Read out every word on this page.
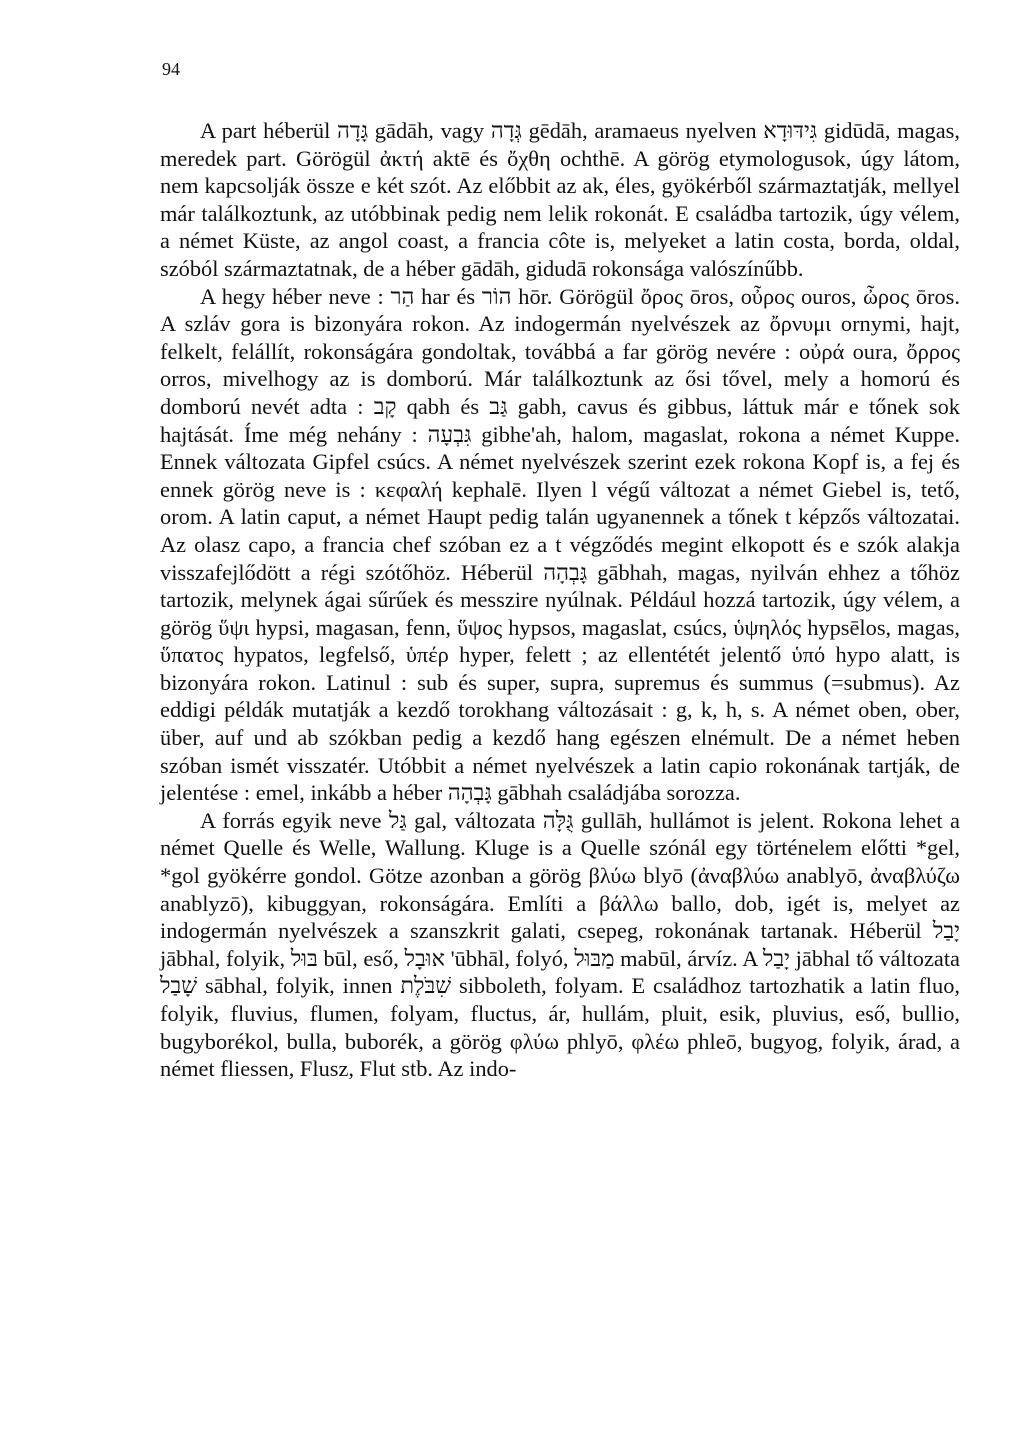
94

A part héberül גָּדָה gādāh, vagy גְּדָה gēdāh, aramaeus nyelven גִּידּוּדָא gidūdā, magas, meredek part. Görögül ἀκτή aktē és ὄχθη ochthē. A görög etymologusok, úgy látom, nem kapcsolják össze e két szót. Az előbbit az ak, éles, gyökérből származtatják, mellyel már találkoztunk, az utóbbinak pedig nem lelik rokonát. E családba tartozik, úgy vélem, a német Küste, az angol coast, a francia côte is, melyeket a latin costa, borda, oldal, szóból származtatnak, de a héber gādāh, gidudā rokonsága valószínűbb.

A hegy héber neve : הַר har és הוֹר hōr. Görögül ὄρος ōros, οὖρος ouros, ὦρος ōros. A szláv gora is bizonyára rokon. Az indogermán nyelvészek az ὄρνυμι ornymi, hajt, felkelt, felállít, rokonságára gondoltak, továbbá a far görög nevére : οὐρά oura, ὄρρος orros, mivelhogy az is domború. Már találkoztunk az ősi tővel, mely a homorú és domború nevét adta : קָב qabh és גַּב gabh, cavus és gibbus, láttuk már e tőnek sok hajtását. Íme még nehány : גִּבְעָה gibhe'ah, halom, magaslat, rokona a német Kuppe. Ennek változata Gipfel csúcs. A német nyelvészek szerint ezek rokona Kopf is, a fej és ennek görög neve is : κεφαλή kephalē. Ilyen l végű változat a német Giebel is, tető, orom. A latin caput, a német Haupt pedig talán ugyanennek a tőnek t képzős változatai. Az olasz capo, a francia chef szóban ez a t végződés megint elkopott és e szók alakja visszafejlődött a régi szótőhöz. Héberül גָּבְהָה gābhah, magas, nyilván ehhez a tőhöz tartozik, melynek ágai sűrűek és messzire nyúlnak. Például hozzá tartozik, úgy vélem, a görög ὕψι hypsi, magasan, fenn, ὕψος hypsos, magaslat, csúcs, ὑψηλός hypsēlos, magas, ὕπατος hypatos, legfelső, ὑπέρ hyper, felett ; az ellentétét jelentő ὑπό hypo alatt, is bizonyára rokon. Latinul : sub és super, supra, supremus és summus (=submus). Az eddigi példák mutatják a kezdő torokhang változásait : g, k, h, s. A német oben, ober, über, auf und ab szókban pedig a kezdő hang egészen elnémult. De a német heben szóban ismét visszatér. Utóbbit a német nyelvészek a latin capio rokonának tartják, de jelentése : emel, inkább a héber גָּבְהָה gābhah családjába sorozza.

A forrás egyik neve גַּל gal, változata גֻּלָּה gullāh, hullámot is jelent. Rokona lehet a német Quelle és Welle, Wallung. Kluge is a Quelle szónál egy történelem előtti *gel, *gol gyökérre gondol. Götze azonban a görög βλύω blyō (ἀναβλύω anablyō, ἀναβλύζω anablyzō), kibuggyan, rokonságára. Említi a βάλλω ballo, dob, igét is, melyet az indogermán nyelvészek a szanszkrit galati, csepeg, rokonának tartanak. Héberül יָבַל jābhal, folyik, בּוּל būl, eső, אוּבָל 'ūbhāl, folyó, מַבּוּל mabūl, árvíz. A יָבַל jābhal tő változata שָׁבַל sābhal, folyik, innen שִׁבֹּלֶת sibboleth, folyam. E családhoz tartozhatik a latin fluo, folyik, fluvius, flumen, folyam, fluctus, ár, hullám, pluit, esik, pluvius, eső, bullio, bugyborékol, bulla, buborék, a görög φλύω phlyō, φλέω phleō, bugyog, folyik, árad, a német fliessen, Flusz, Flut stb. Az indo-
